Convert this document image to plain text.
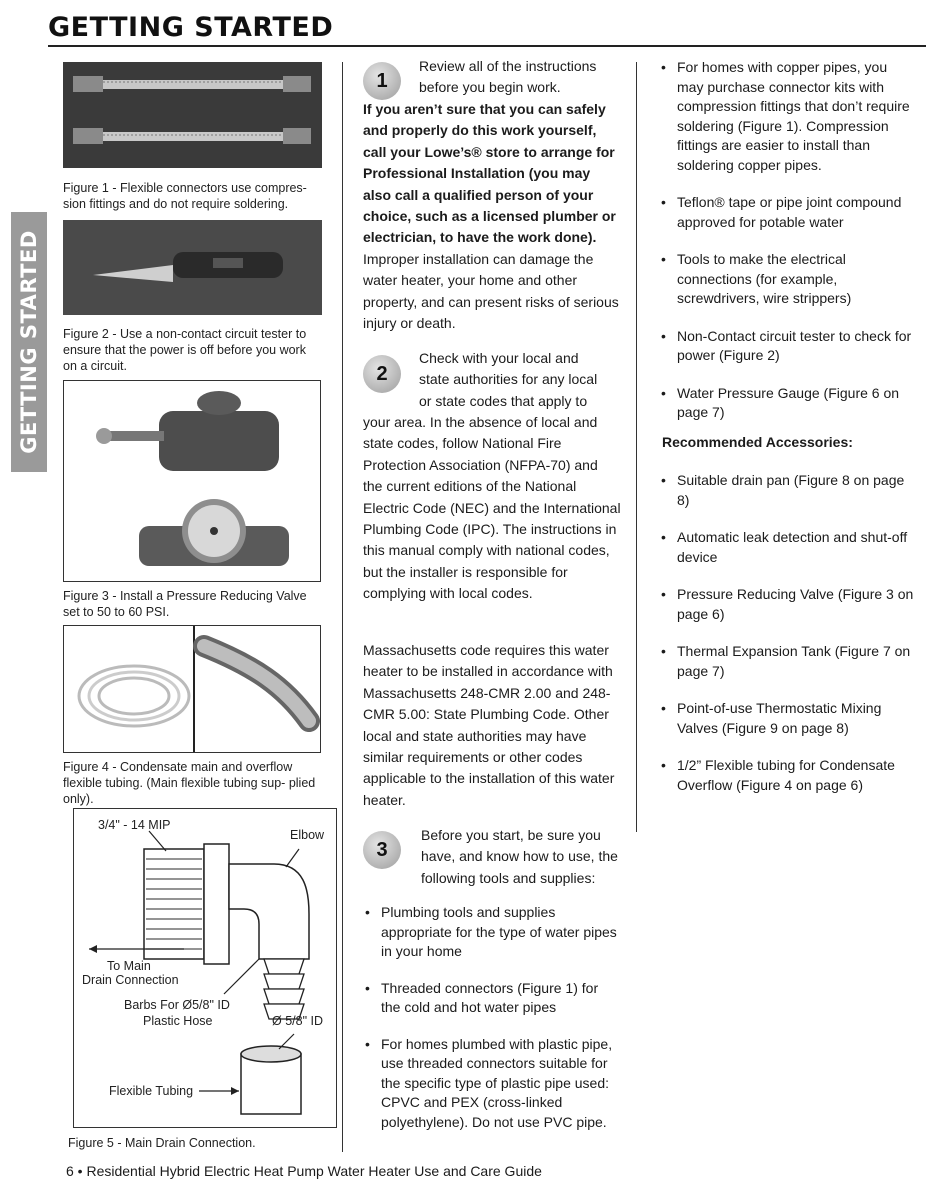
GETTING STARTED
GETTING STARTED

Figure 1 - Flexible connectors use compres- sion fittings and do not require soldering.

Figure 2 - Use a non-contact circuit tester to ensure that the power is off before you work on a circuit.

Figure 3 - Install a Pressure Reducing Valve set to 50 to 60 PSI.

Figure 4 - Condensate main and overflow flexible tubing. (Main flexible tubing sup- plied only).

3/4" - 14 MIP
Elbow
To Main
Drain Connection
Barbs For Ø5/8" ID
Plastic Hose	Ø 5/8" ID
Flexible Tubing

Figure 5 - Main Drain Connection.

1

Review all of the instructions

before you begin work.

If you aren’t sure that you can safely and properly do this work yourself, call your Lowe’s® store to arrange for Professional Installation (you may also call a qualified person of your choice, such as a licensed plumber or electrician, to have the work done). Improper installation can damage the water heater, your home and other property, and can present risks of serious injury or death.

2

Check with your local and

state authorities for any local

or state codes that apply to

your area. In the absence of local and state codes, follow National Fire Protection Association (NFPA-70) and the current editions of the National Electric Code (NEC) and the International Plumbing Code (IPC). The instructions in this manual comply with national codes, but the installer is responsible for complying with local codes.
Massachusetts code requires this water heater to be installed in accordance with Massachusetts 248-CMR 2.00 and 248-CMR 5.00: State Plumbing Code. Other local and state authorities may have similar requirements or other codes applicable to the installation of this water heater.
3

Before you start, be sure you

have, and know how to use, the

following tools and supplies:

• Plumbing tools and supplies appropriate for the type of water pipes in your home
• Threaded connectors (Figure 1) for the cold and hot water pipes
• For homes plumbed with plastic pipe, use threaded connectors suitable for the specific type of plastic pipe used: CPVC and PEX (cross-linked polyethylene). Do not use PVC pipe.
• For homes with copper pipes, you may purchase connector kits with compression fittings that don’t require soldering (Figure 1). Compression fittings are easier to install than soldering copper pipes.
• Teflon® tape or pipe joint compound approved for potable water
• Tools to make the electrical connections (for example, screwdrivers, wire strippers)
• Non-Contact circuit tester to check for power (Figure 2)
• Water Pressure Gauge (Figure 6 on page 7)

Recommended Accessories:

• Suitable drain pan (Figure 8 on page 8)
• Automatic leak detection and shut-off device
• Pressure Reducing Valve (Figure 3 on page 6)
• Thermal Expansion Tank (Figure 7 on page 7)
• Point-of-use Thermostatic Mixing Valves (Figure 9 on page 8)
• 1/2” Flexible tubing for Condensate Overflow (Figure 4 on page 6)
6 • Residential Hybrid Electric Heat Pump Water Heater Use and Care Guide
